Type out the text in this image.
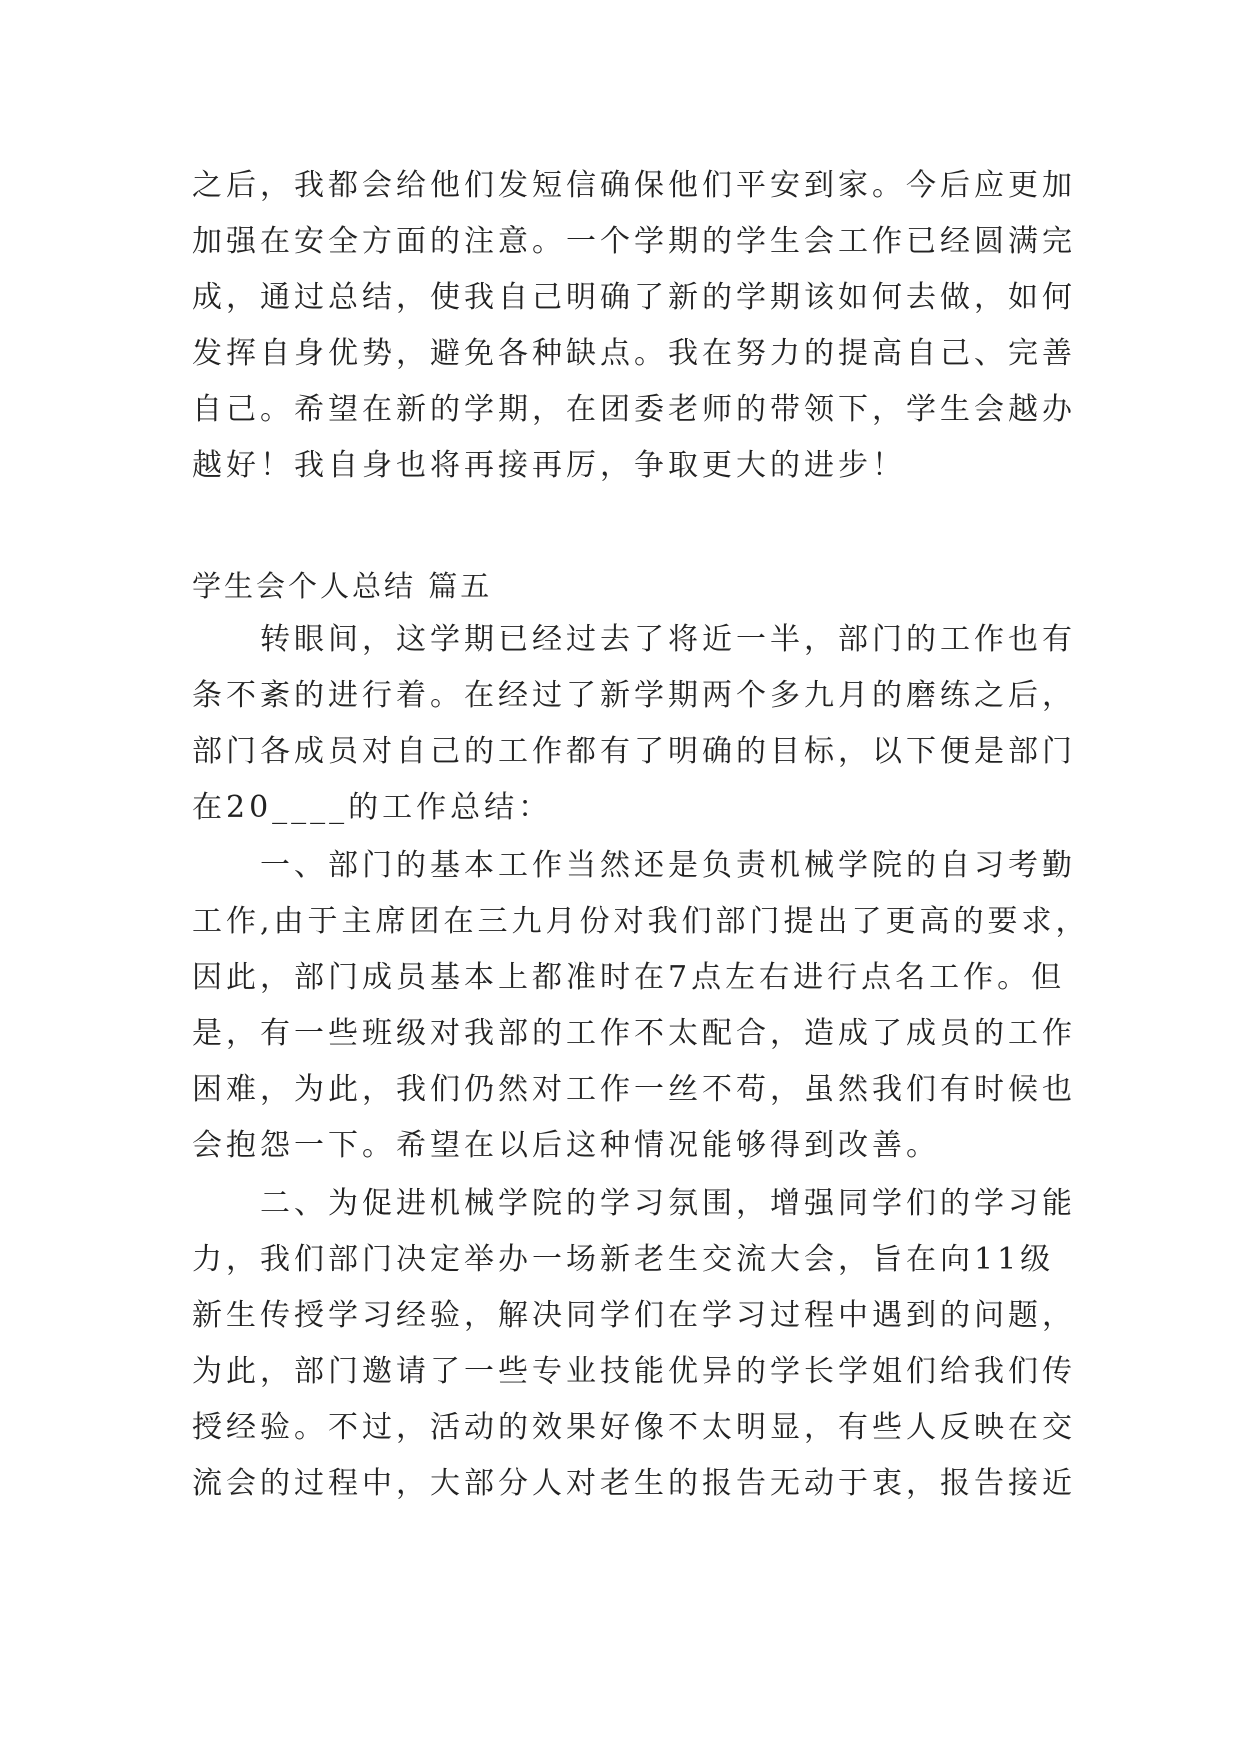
之后，我都会给他们发短信确保他们平安到家。今后应更加
加强在安全方面的注意。一个学期的学生会工作已经圆满完
成，通过总结，使我自己明确了新的学期该如何去做，如何
发挥自身优势，避免各种缺点。我在努力的提高自己、完善
自己。希望在新的学期，在团委老师的带领下，学生会越办
越好！我自身也将再接再厉，争取更大的进步！
学生会个人总结 篇五
　　转眼间，这学期已经过去了将近一半，部门的工作也有
条不紊的进行着。在经过了新学期两个多九月的磨练之后，
部门各成员对自己的工作都有了明确的目标，以下便是部门
在20____的工作总结：
　　一、部门的基本工作当然还是负责机械学院的自习考勤
工作,由于主席团在三九月份对我们部门提出了更高的要求，
因此，部门成员基本上都准时在7点左右进行点名工作。但
是，有一些班级对我部的工作不太配合，造成了成员的工作
困难，为此，我们仍然对工作一丝不苟，虽然我们有时候也
会抱怨一下。希望在以后这种情况能够得到改善。
　　二、为促进机械学院的学习氛围，增强同学们的学习能
力，我们部门决定举办一场新老生交流大会，旨在向11级
新生传授学习经验，解决同学们在学习过程中遇到的问题，
为此，部门邀请了一些专业技能优异的学长学姐们给我们传
授经验。不过，活动的效果好像不太明显，有些人反映在交
流会的过程中，大部分人对老生的报告无动于衷，报告接近
